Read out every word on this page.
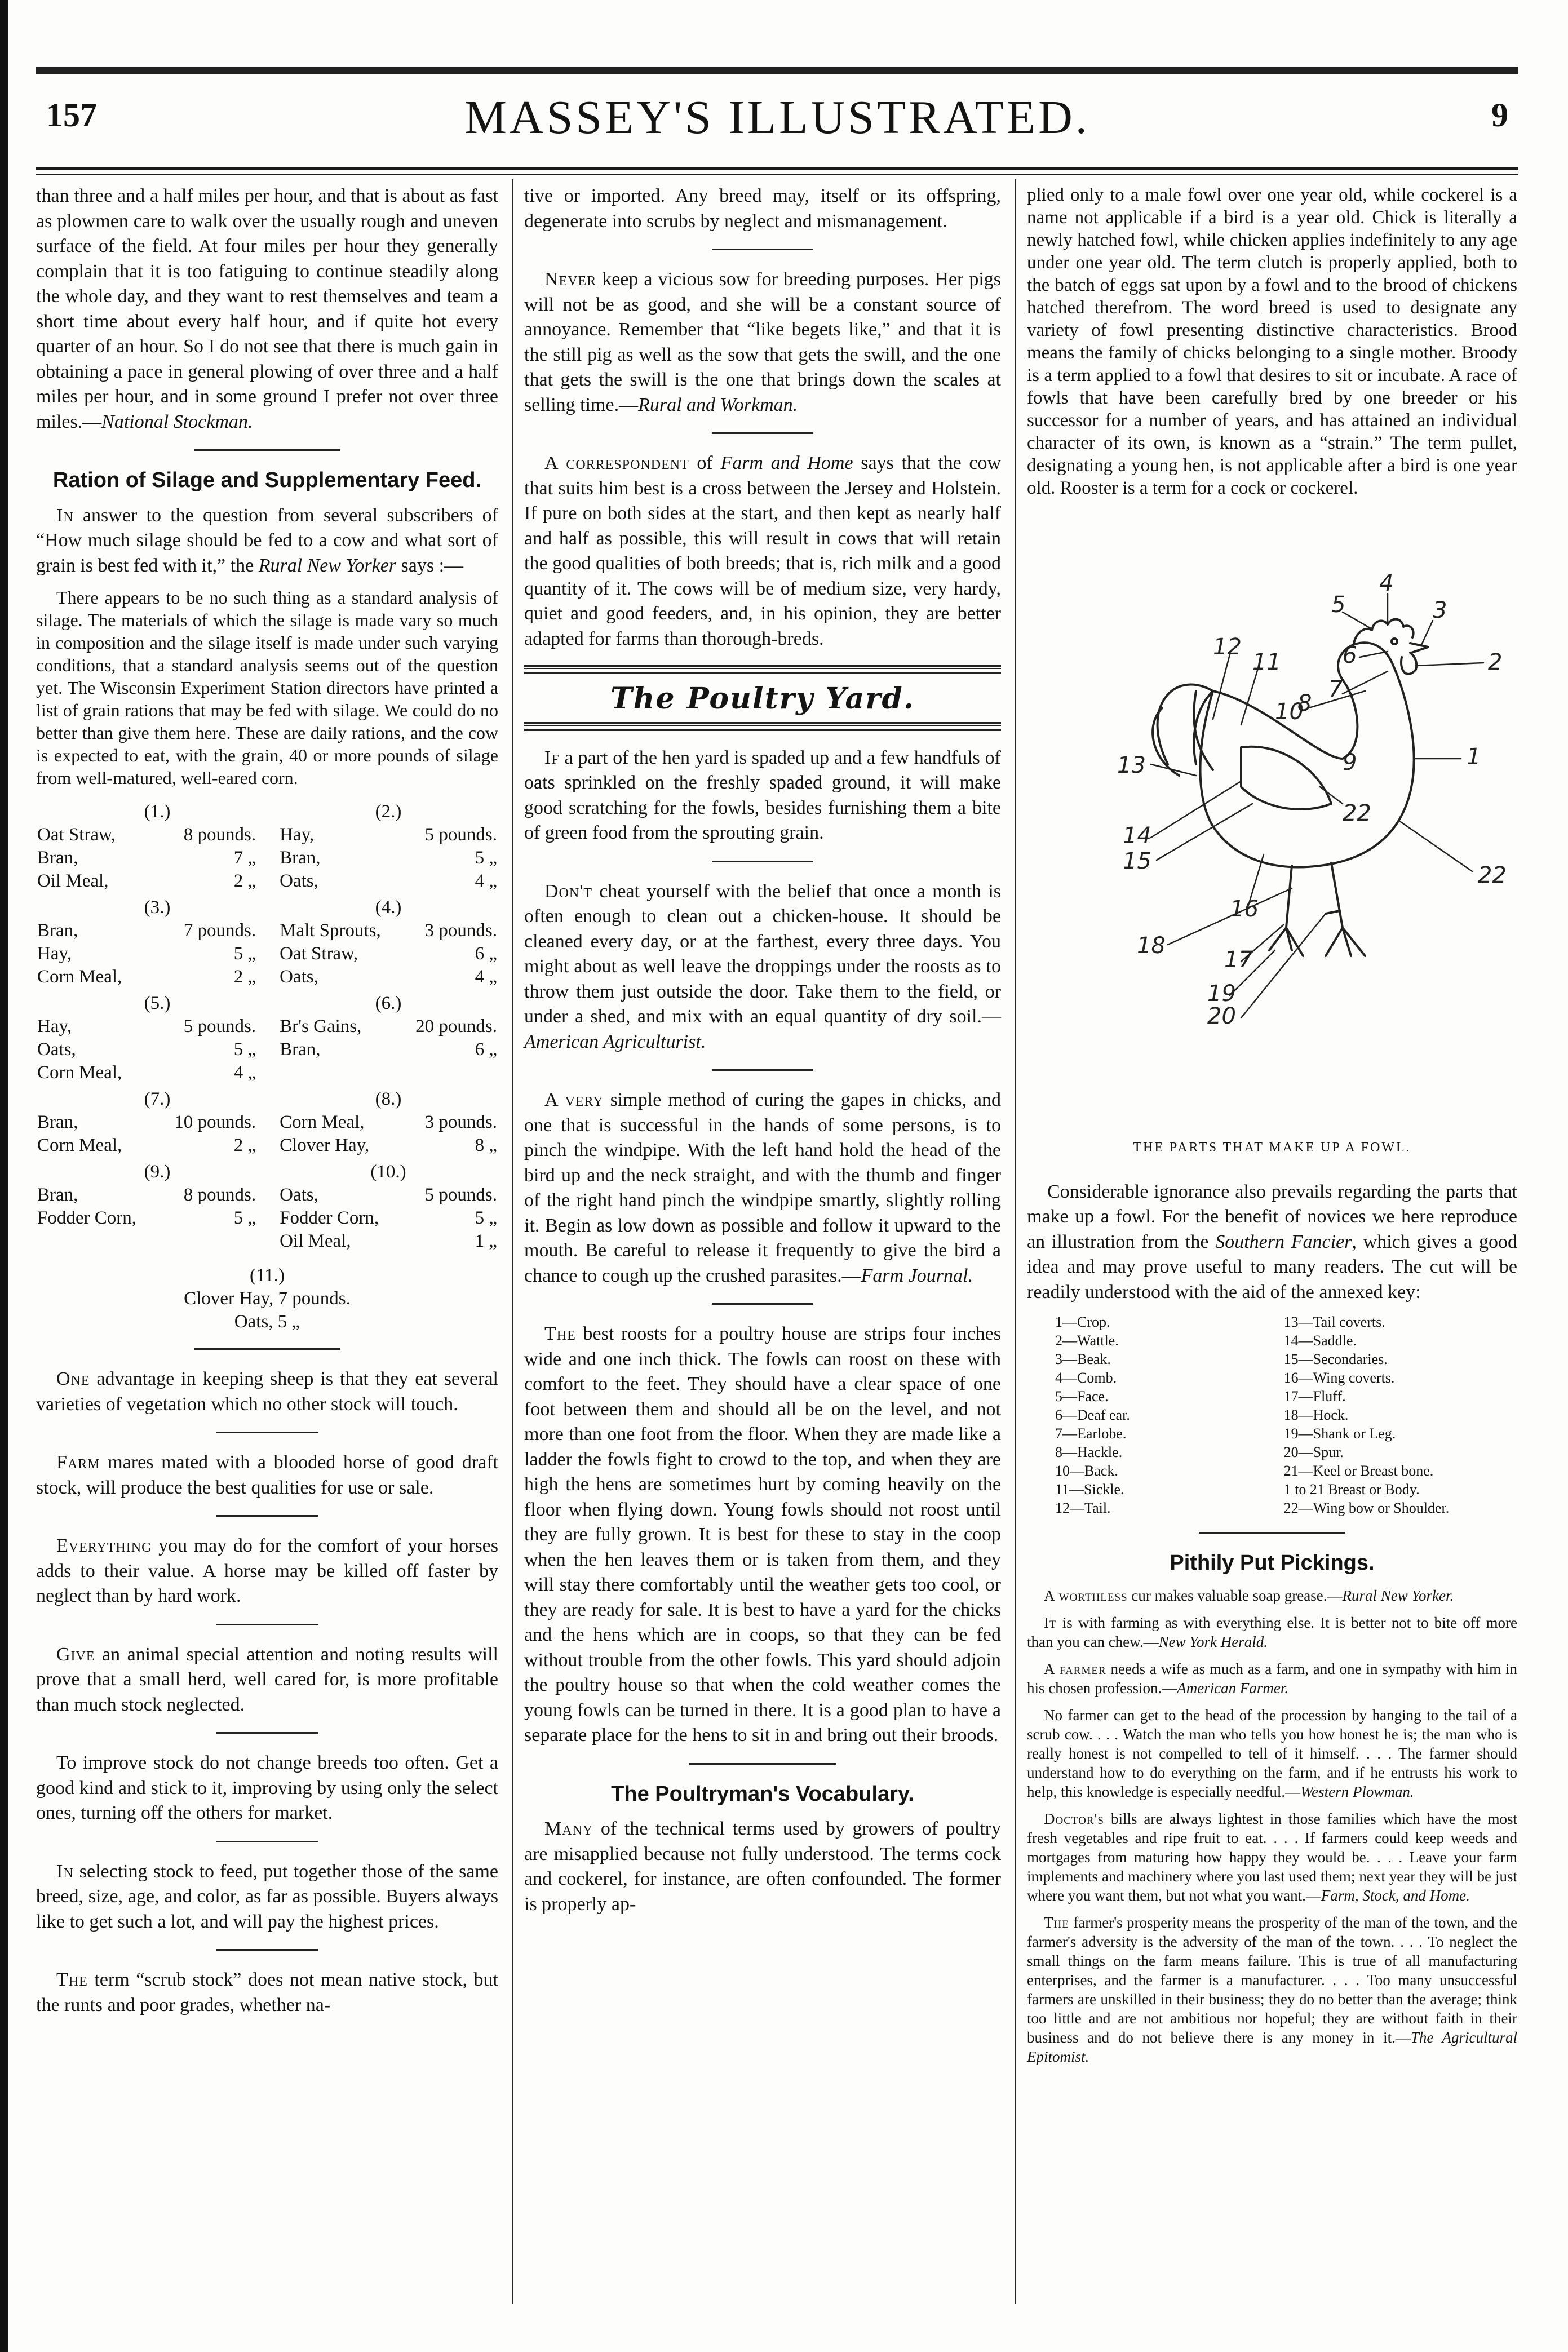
157	MASSEY'S ILLUSTRATED.	9

than three and a half miles per hour, and that is about as fast as plowmen care to walk over the usually rough and uneven surface of the field. At four miles per hour they generally complain that it is too fatiguing to continue steadily along the whole day, and they want to rest themselves and team a short time about every half hour, and if quite hot every quarter of an hour. So I do not see that there is much gain in obtaining a pace in general plowing of over three and a half miles per hour, and in some ground I prefer not over three miles.—National Stockman.

Ration of Silage and Supplementary Feed.

In answer to the question from several subscribers of “How much silage should be fed to a cow and what sort of grain is best fed with it,” the Rural New Yorker says :—

There appears to be no such thing as a standard analysis of silage. The materials of which the silage is made vary so much in composition and the silage itself is made under such varying conditions, that a standard analysis seems out of the question yet. The Wisconsin Experiment Station directors have printed a list of grain rations that may be fed with silage. We could do no better than give them here. These are daily rations, and the cow is expected to eat, with the grain, 40 or more pounds of silage from well-matured, well-eared corn.

(1.)		(2.)	
Oat Straw,	8 pounds.	Hay,	5 pounds.
Bran,	7 „	Bran,	5 „
Oil Meal,	2 „	Oats,	4 „
(3.)		(4.)	
Bran,	7 pounds.	Malt Sprouts,	3 pounds.
Hay,	5 „	Oat Straw,	6 „
Corn Meal,	2 „	Oats,	4 „
(5.)		(6.)	
Hay,	5 pounds.	Br's Gains,	20 pounds.
Oats,	5 „	Bran,	6 „
Corn Meal,	4 „		
(7.)		(8.)	
Bran,	10 pounds.	Corn Meal,	3 pounds.
Corn Meal,	2 „	Clover Hay,	8 „
(9.)		(10.)	
Bran,	8 pounds.	Oats,	5 pounds.
Fodder Corn,	5 „	Fodder Corn,	5 „
		Oil Meal,	1 „
(11.)
Clover Hay, 7 pounds.
Oats, 5 „

One advantage in keeping sheep is that they eat several varieties of vegetation which no other stock will touch.

Farm mares mated with a blooded horse of good draft stock, will produce the best qualities for use or sale.

Everything you may do for the comfort of your horses adds to their value. A horse may be killed off faster by neglect than by hard work.

Give an animal special attention and noting results will prove that a small herd, well cared for, is more profitable than much stock neglected.

To improve stock do not change breeds too often. Get a good kind and stick to it, improving by using only the select ones, turning off the others for market.

In selecting stock to feed, put together those of the same breed, size, age, and color, as far as possible. Buyers always like to get such a lot, and will pay the highest prices.

The term “scrub stock” does not mean native stock, but the runts and poor grades, whether na-

tive or imported. Any breed may, itself or its offspring, degenerate into scrubs by neglect and mismanagement.

Never keep a vicious sow for breeding purposes. Her pigs will not be as good, and she will be a constant source of annoyance. Remember that “like begets like,” and that it is the still pig as well as the sow that gets the swill, and the one that gets the swill is the one that brings down the scales at selling time.—Rural and Workman.

A correspondent of Farm and Home says that the cow that suits him best is a cross between the Jersey and Holstein. If pure on both sides at the start, and then kept as nearly half and half as possible, this will result in cows that will retain the good qualities of both breeds; that is, rich milk and a good quantity of it. The cows will be of medium size, very hardy, quiet and good feeders, and, in his opinion, they are better adapted for farms than thorough-breds.

The Poultry Yard.

If a part of the hen yard is spaded up and a few handfuls of oats sprinkled on the freshly spaded ground, it will make good scratching for the fowls, besides furnishing them a bite of green food from the sprouting grain.

Don't cheat yourself with the belief that once a month is often enough to clean out a chicken-house. It should be cleaned every day, or at the farthest, every three days. You might about as well leave the droppings under the roosts as to throw them just outside the door. Take them to the field, or under a shed, and mix with an equal quantity of dry soil.—American Agriculturist.

A very simple method of curing the gapes in chicks, and one that is successful in the hands of some persons, is to pinch the windpipe. With the left hand hold the head of the bird up and the neck straight, and with the thumb and finger of the right hand pinch the windpipe smartly, slightly rolling it. Begin as low down as possible and follow it upward to the mouth. Be careful to release it frequently to give the bird a chance to cough up the crushed parasites.—Farm Journal.

The best roosts for a poultry house are strips four inches wide and one inch thick. The fowls can roost on these with comfort to the feet. They should have a clear space of one foot between them and should all be on the level, and not more than one foot from the floor. When they are made like a ladder the fowls fight to crowd to the top, and when they are high the hens are sometimes hurt by coming heavily on the floor when flying down. Young fowls should not roost until they are fully grown. It is best for these to stay in the coop when the hen leaves them or is taken from them, and they will stay there comfortably until the weather gets too cool, or they are ready for sale. It is best to have a yard for the chicks and the hens which are in coops, so that they can be fed without trouble from the other fowls. This yard should adjoin the poultry house so that when the cold weather comes the young fowls can be turned in there. It is a good plan to have a separate place for the hens to sit in and bring out their broods.

The Poultryman's Vocabulary.

Many of the technical terms used by growers of poultry are misapplied because not fully understood. The terms cock and cockerel, for instance, are often confounded. The former is properly ap-

plied only to a male fowl over one year old, while cockerel is a name not applicable if a bird is a year old. Chick is literally a newly hatched fowl, while chicken applies indefinitely to any age under one year old. The term clutch is properly applied, both to the batch of eggs sat upon by a fowl and to the brood of chickens hatched therefrom. The word breed is used to designate any variety of fowl presenting distinctive characteristics. Brood means the family of chicks belonging to a single mother. Broody is a term applied to a fowl that desires to sit or incubate. A race of fowls that have been carefully bred by one breeder or his successor for a number of years, and has attained an individual character of its own, is known as a “strain.” The term pullet, designating a young hen, is not applicable after a bird is one year old. Rooster is a term for a cock or cockerel.

5
4
3
2
6
7
8
10
12
11
9	1
13
22
14
15
22
16
18
17
19
20
THE PARTS THAT MAKE UP A FOWL.

Considerable ignorance also prevails regarding the parts that make up a fowl. For the benefit of novices we here reproduce an illustration from the Southern Fancier, which gives a good idea and may prove useful to many readers. The cut will be readily understood with the aid of the annexed key:

1—Crop.
2—Wattle.
3—Beak.
4—Comb.
5—Face.
6—Deaf ear.
7—Earlobe.
8—Hackle.
10—Back.
11—Sickle.
12—Tail.
13—Tail coverts.
14—Saddle.
15—Secondaries.
16—Wing coverts.
17—Fluff.
18—Hock.
19—Shank or Leg.
20—Spur.
21—Keel or Breast bone.
1 to 21 Breast or Body.
22—Wing bow or Shoulder.
Pithily Put Pickings.

A worthless cur makes valuable soap grease.—Rural New Yorker.

It is with farming as with everything else. It is better not to bite off more than you can chew.—New York Herald.

A farmer needs a wife as much as a farm, and one in sympathy with him in his chosen profession.—American Farmer.

No farmer can get to the head of the procession by hanging to the tail of a scrub cow. . . . Watch the man who tells you how honest he is; the man who is really honest is not compelled to tell of it himself. . . . The farmer should understand how to do everything on the farm, and if he entrusts his work to help, this knowledge is especially needful.—Western Plowman.

Doctor's bills are always lightest in those families which have the most fresh vegetables and ripe fruit to eat. . . . If farmers could keep weeds and mortgages from maturing how happy they would be. . . . Leave your farm implements and machinery where you last used them; next year they will be just where you want them, but not what you want.—Farm, Stock, and Home.

The farmer's prosperity means the prosperity of the man of the town, and the farmer's adversity is the adversity of the man of the town. . . . To neglect the small things on the farm means failure. This is true of all manufacturing enterprises, and the farmer is a manufacturer. . . . Too many unsuccessful farmers are unskilled in their business; they do no better than the average; think too little and are not ambitious nor hopeful; they are without faith in their business and do not believe there is any money in it.—The Agricultural Epitomist.
